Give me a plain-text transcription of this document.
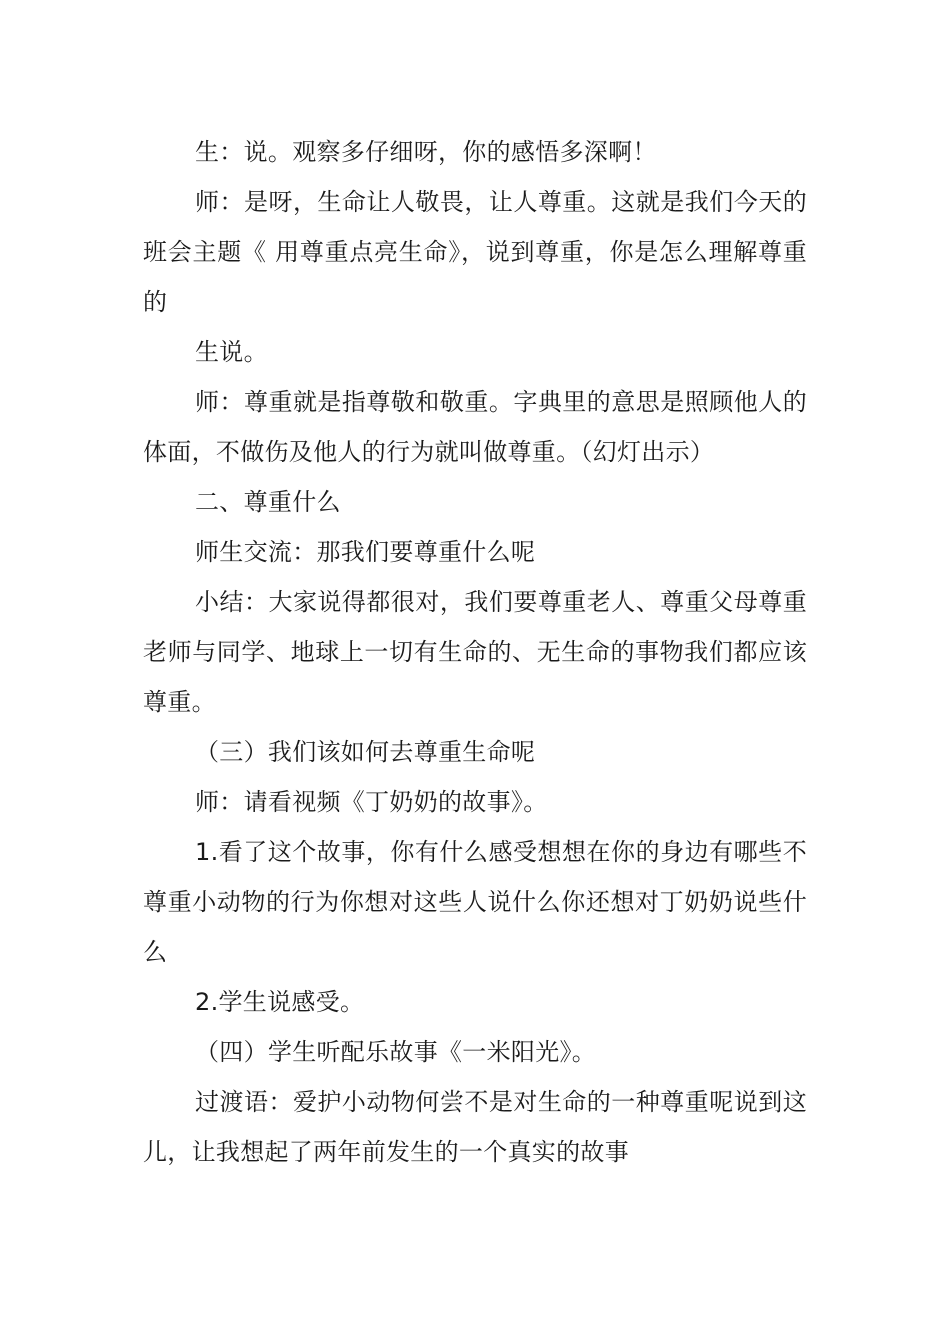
生：说。观察多仔细呀，你的感悟多深啊！

师：是呀，生命让人敬畏，让人尊重。这就是我们今天的班会主题《 用尊重点亮生命》，说到尊重，你是怎么理解尊重的

生说。

师：尊重就是指尊敬和敬重。字典里的意思是照顾他人的体面，不做伤及他人的行为就叫做尊重。（幻灯出示）

二、尊重什么

师生交流：那我们要尊重什么呢

小结：大家说得都很对，我们要尊重老人、尊重父母尊重老师与同学、地球上一切有生命的、无生命的事物我们都应该尊重。

（三）我们该如何去尊重生命呢

师：请看视频《丁奶奶的故事》。

1.看了这个故事，你有什么感受想想在你的身边有哪些不尊重小动物的行为你想对这些人说什么你还想对丁奶奶说些什么

2.学生说感受。

（四）学生听配乐故事《一米阳光》。

过渡语：爱护小动物何尝不是对生命的一种尊重呢说到这儿，让我想起了两年前发生的一个真实的故事
